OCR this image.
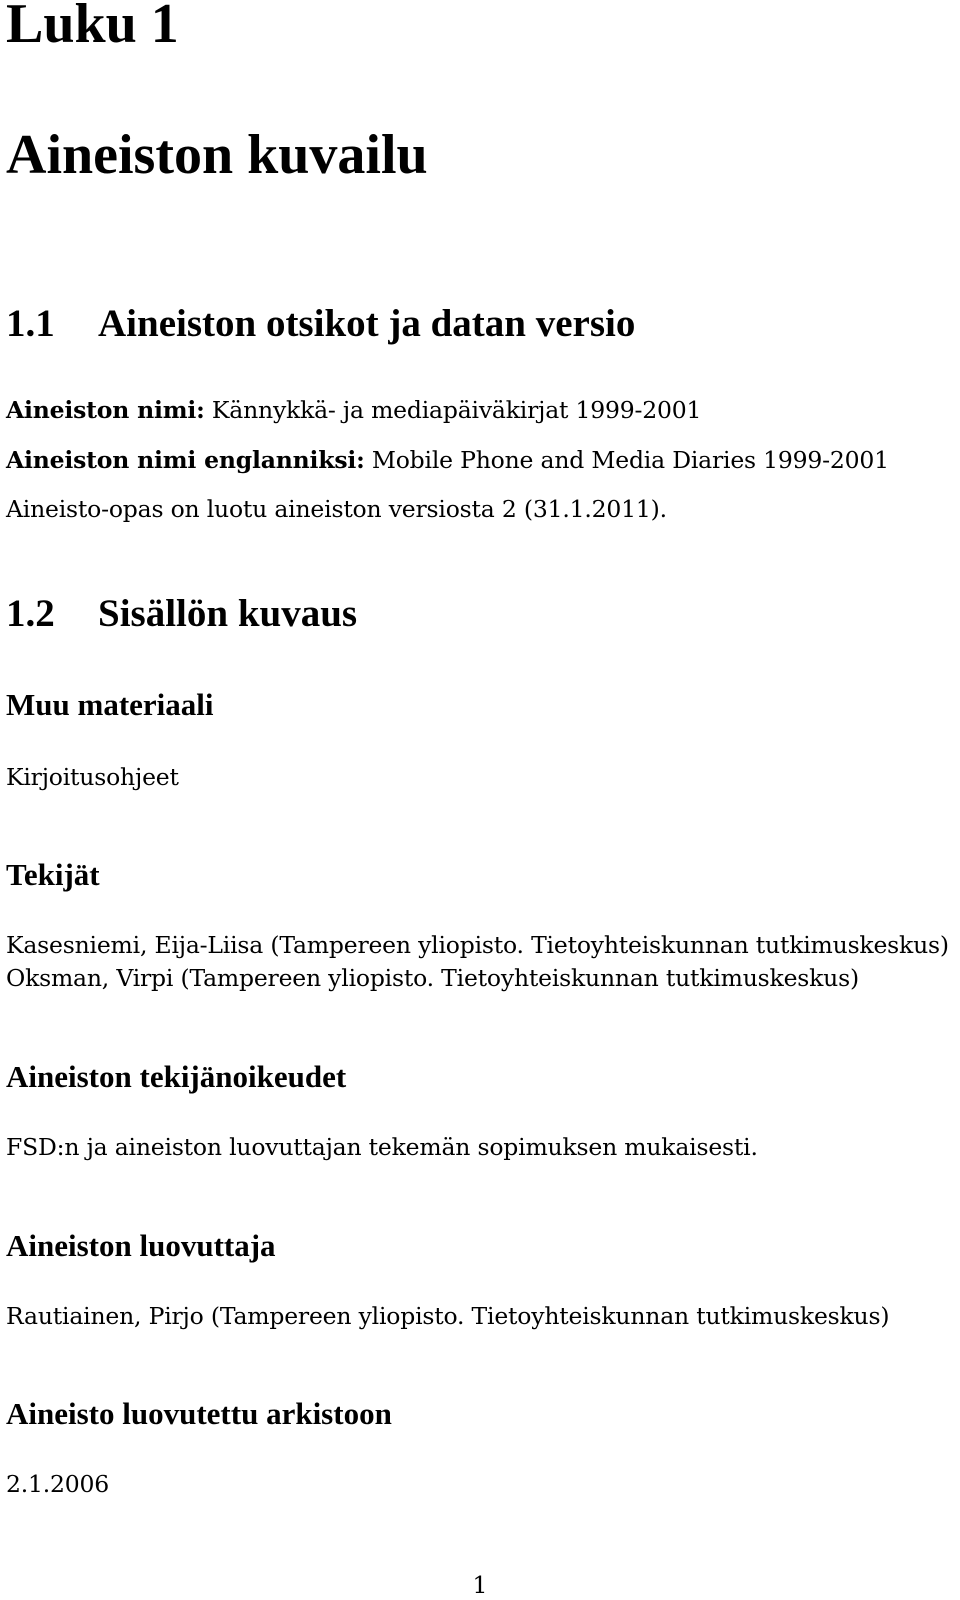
Luku 1
Aineiston kuvailu
1.1 Aineiston otsikot ja datan versio
Aineiston nimi: Kännykkä- ja mediapäiväkirjat 1999-2001
Aineiston nimi englanniksi: Mobile Phone and Media Diaries 1999-2001
Aineisto-opas on luotu aineiston versiosta 2 (31.1.2011).
1.2 Sisällön kuvaus
Muu materiaali
Kirjoitusohjeet
Tekijät
Kasesniemi, Eija-Liisa (Tampereen yliopisto. Tietoyhteiskunnan tutkimuskeskus)
Oksman, Virpi (Tampereen yliopisto. Tietoyhteiskunnan tutkimuskeskus)
Aineiston tekijänoikeudet
FSD:n ja aineiston luovuttajan tekemän sopimuksen mukaisesti.
Aineiston luovuttaja
Rautiainen, Pirjo (Tampereen yliopisto. Tietoyhteiskunnan tutkimuskeskus)
Aineisto luovutettu arkistoon
2.1.2006
1
